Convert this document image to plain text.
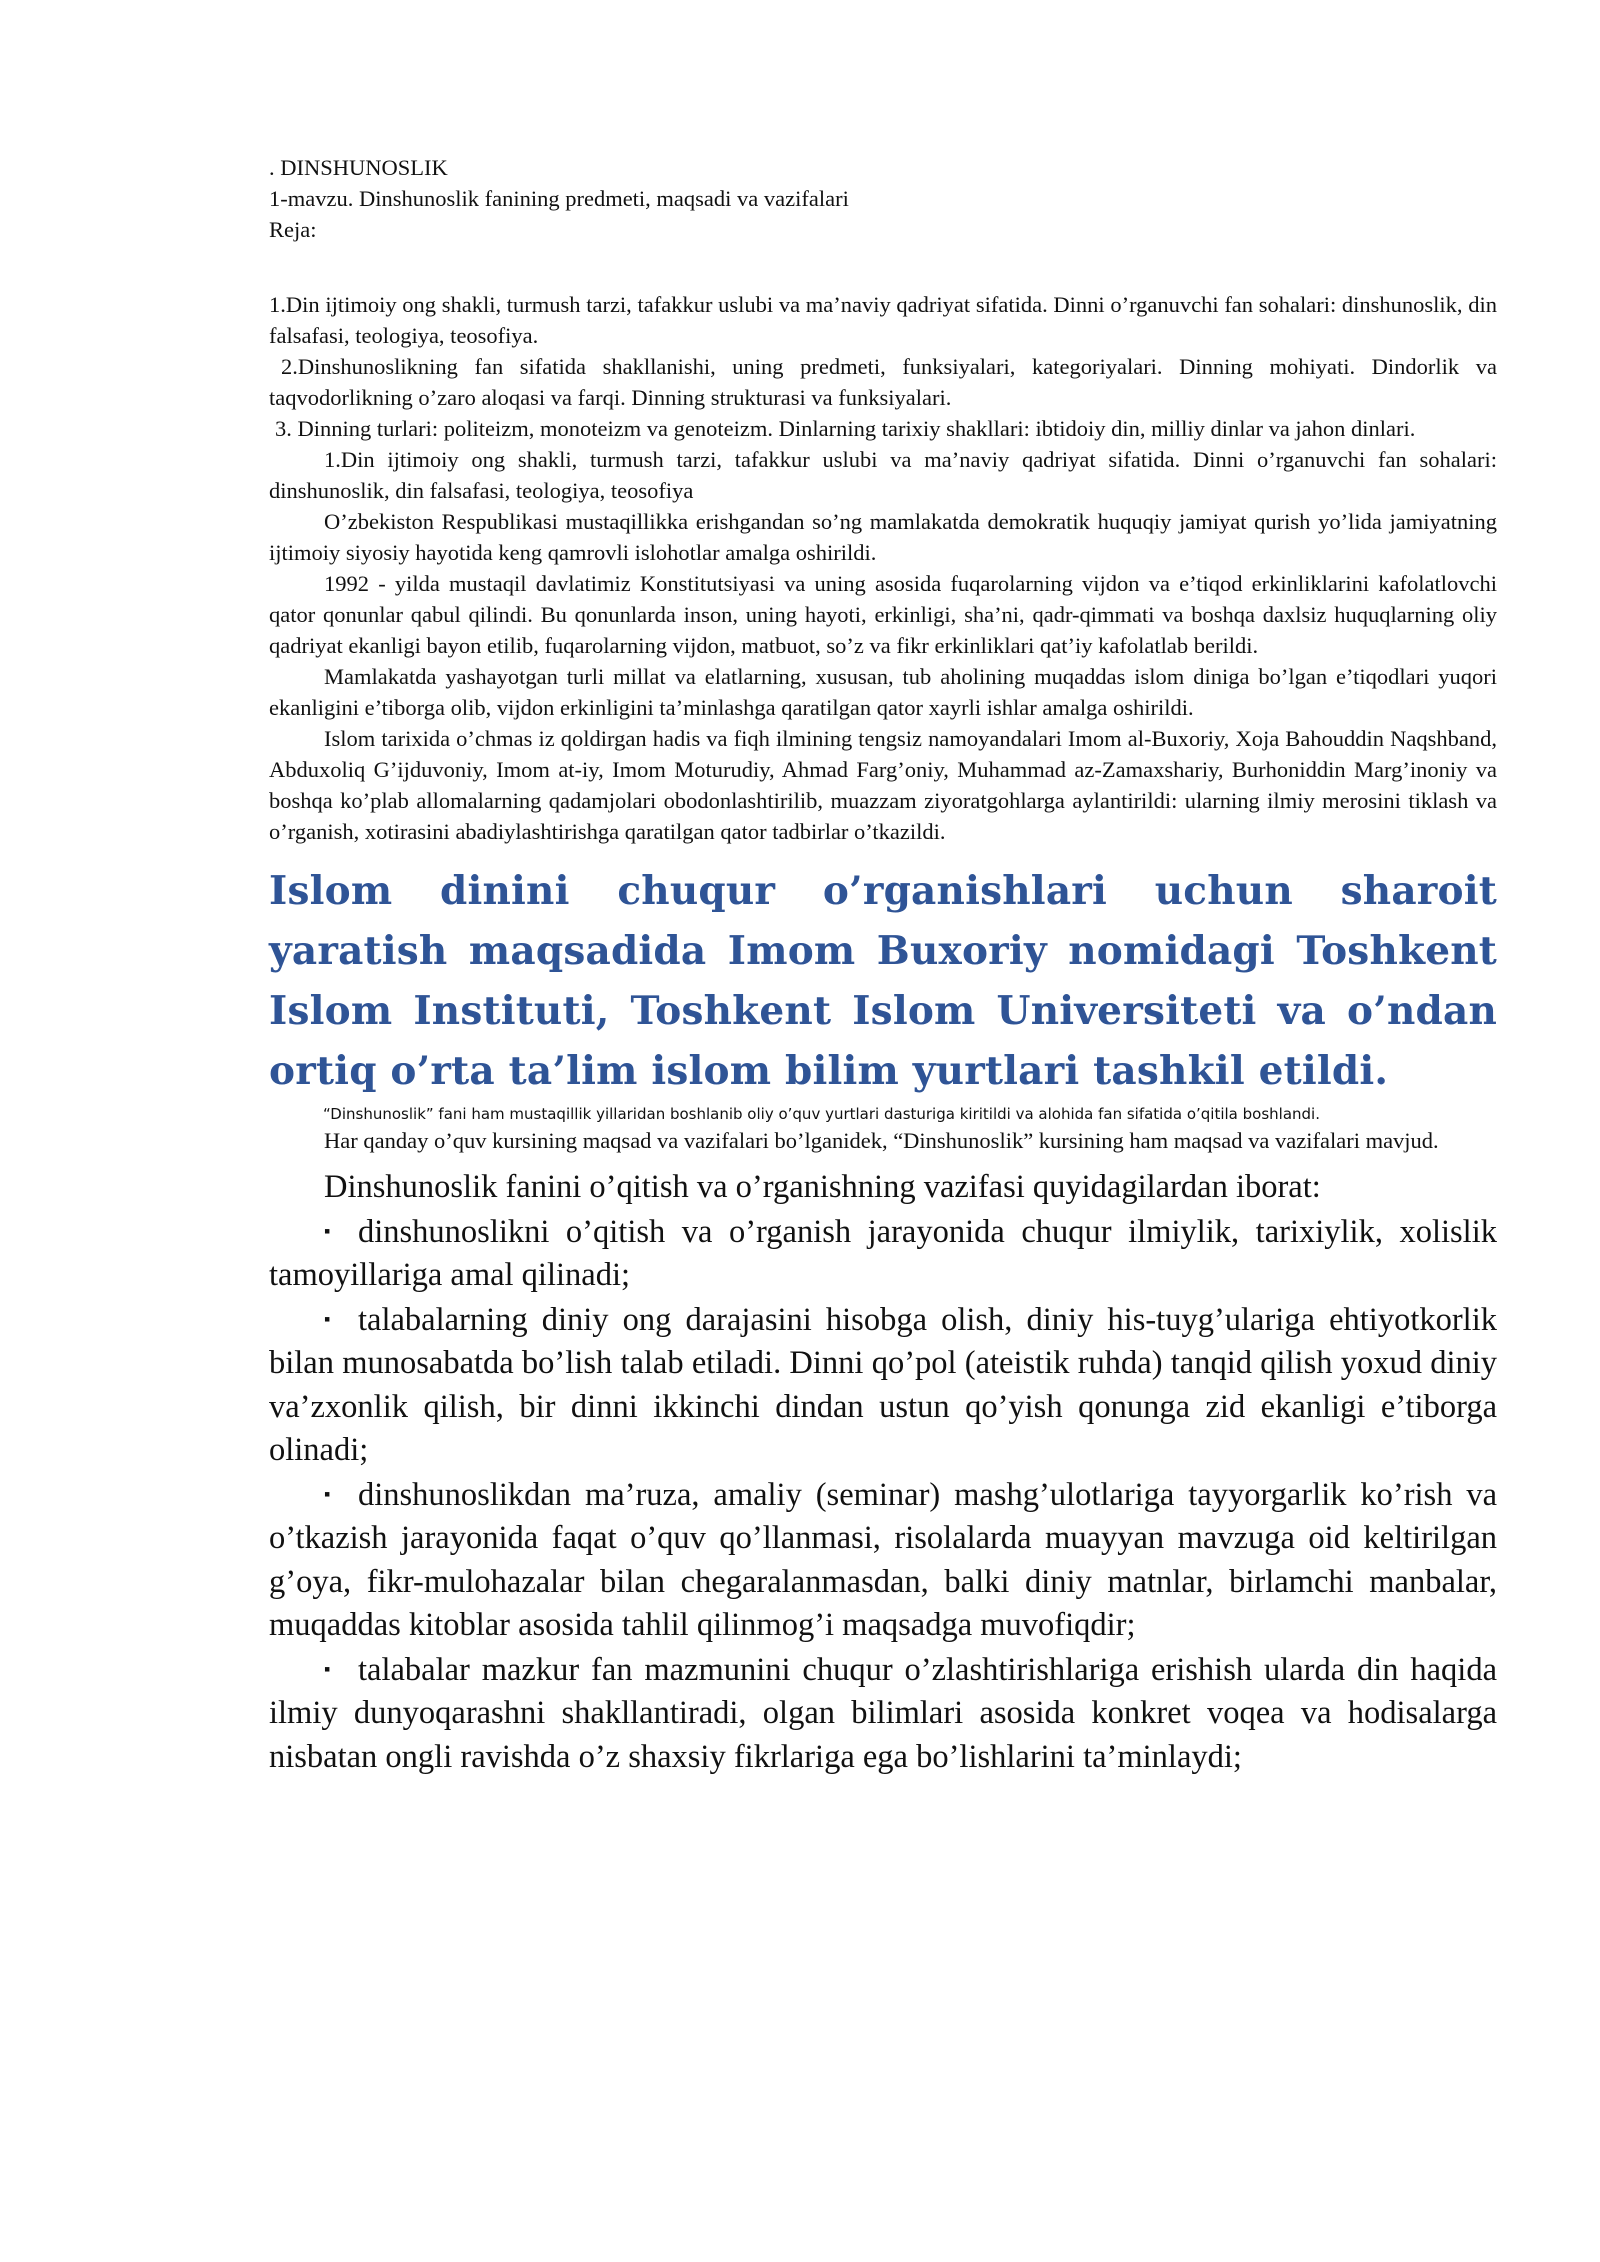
. DINSHUNOSLIK

1-mavzu. Dinshunoslik fanining predmeti, maqsadi va vazifalari

Reja:

1.Din ijtimoiy ong shakli, turmush tarzi, tafakkur uslubi va ma’naviy qadriyat sifatida. Dinni o’rganuvchi fan sohalari: dinshunoslik, din falsafasi, teologiya, teosofiya.

2.Dinshunoslikning fan sifatida shakllanishi, uning predmeti, funksiyalari, kategoriyalari. Dinning mohiyati. Dindorlik va taqvodorlikning o’zaro aloqasi va farqi. Dinning strukturasi va funksiyalari.

3. Dinning turlari: politeizm, monoteizm va genoteizm. Dinlarning tarixiy shakllari: ibtidoiy din, milliy dinlar va jahon dinlari.

1.Din ijtimoiy ong shakli, turmush tarzi, tafakkur uslubi va ma’naviy qadriyat sifatida. Dinni o’rganuvchi fan sohalari: dinshunoslik, din falsafasi, teologiya, teosofiya

O’zbekiston Respublikasi mustaqillikka erishgandan so’ng mamlakatda demokratik huquqiy jamiyat qurish yo’lida jamiyatning ijtimoiy siyosiy hayotida keng qamrovli islohotlar amalga oshirildi.

1992 - yilda mustaqil davlatimiz Konstitutsiyasi va uning asosida fuqarolarning vijdon va e’tiqod erkinliklarini kafolatlovchi qator qonunlar qabul qilindi. Bu qonunlarda inson, uning hayoti, erkinligi, sha’ni, qadr-qimmati va boshqa daxlsiz huquqlarning oliy qadriyat ekanligi bayon etilib, fuqarolarning vijdon, matbuot, so’z va fikr erkinliklari qat’iy kafolatlab berildi.

Mamlakatda yashayotgan turli millat va elatlarning, xususan, tub aholining muqaddas islom diniga bo’lgan e’tiqodlari yuqori ekanligini e’tiborga olib, vijdon erkinligini ta’minlashga qaratilgan qator xayrli ishlar amalga oshirildi.

Islom tarixida o’chmas iz qoldirgan hadis va fiqh ilmining tengsiz namoyandalari Imom al-Buxoriy, Xoja Bahouddin Naqshband, Abduxoliq G’ijduvoniy, Imom at-iy, Imom Moturudiy, Ahmad Farg’oniy, Muhammad az-Zamaxshariy, Burhoniddin Marg’inoniy va boshqa ko’plab allomalarning qadamjolari obodonlashtirilib, muazzam ziyoratgohlarga aylantirildi: ularning ilmiy merosini tiklash va o’rganish, xotirasini abadiylashtirishga qaratilgan qator tadbirlar o’tkazildi.

Islom dinini chuqur o’rganishlari uchun sharoit yaratish maqsadida Imom Buxoriy nomidagi Toshkent Islom Instituti, Toshkent Islom Universiteti va o’ndan ortiq o’rta ta’lim islom bilim yurtlari tashkil etildi.

“Dinshunoslik” fani ham mustaqillik yillaridan boshlanib oliy o’quv yurtlari dasturiga kiritildi va alohida fan sifatida o’qitila boshlandi.

Har qanday o’quv kursining maqsad va vazifalari bo’lganidek, “Dinshunoslik” kursining ham maqsad va vazifalari mavjud.

Dinshunoslik fanini o’qitish va o’rganishning vazifasi quyidagilardan iborat:

▪ dinshunoslikni o’qitish va o’rganish jarayonida chuqur ilmiylik, tarixiylik, xolislik tamoyillariga amal qilinadi;

▪ talabalarning diniy ong darajasini hisobga olish, diniy his-tuyg’ulariga ehtiyotkorlik bilan munosabatda bo’lish talab etiladi. Dinni qo’pol (ateistik ruhda) tanqid qilish yoxud diniy va’zxonlik qilish, bir dinni ikkinchi dindan ustun qo’yish qonunga zid ekanligi e’tiborga olinadi;

▪ dinshunoslikdan ma’ruza, amaliy (seminar) mashg’ulotlariga tayyorgarlik ko’rish va o’tkazish jarayonida faqat o’quv qo’llanmasi, risolalarda muayyan mavzuga oid keltirilgan g’oya, fikr-mulohazalar bilan chegaralanmasdan, balki diniy matnlar, birlamchi manbalar, muqaddas kitoblar asosida tahlil qilinmog’i maqsadga muvofiqdir;

▪ talabalar mazkur fan mazmunini chuqur o’zlashtirishlariga erishish ularda din haqida ilmiy dunyoqarashni shakllantiradi, olgan bilimlari asosida konkret voqea va hodisalarga nisbatan ongli ravishda o’z shaxsiy fikrlariga ega bo’lishlarini ta’minlaydi;
